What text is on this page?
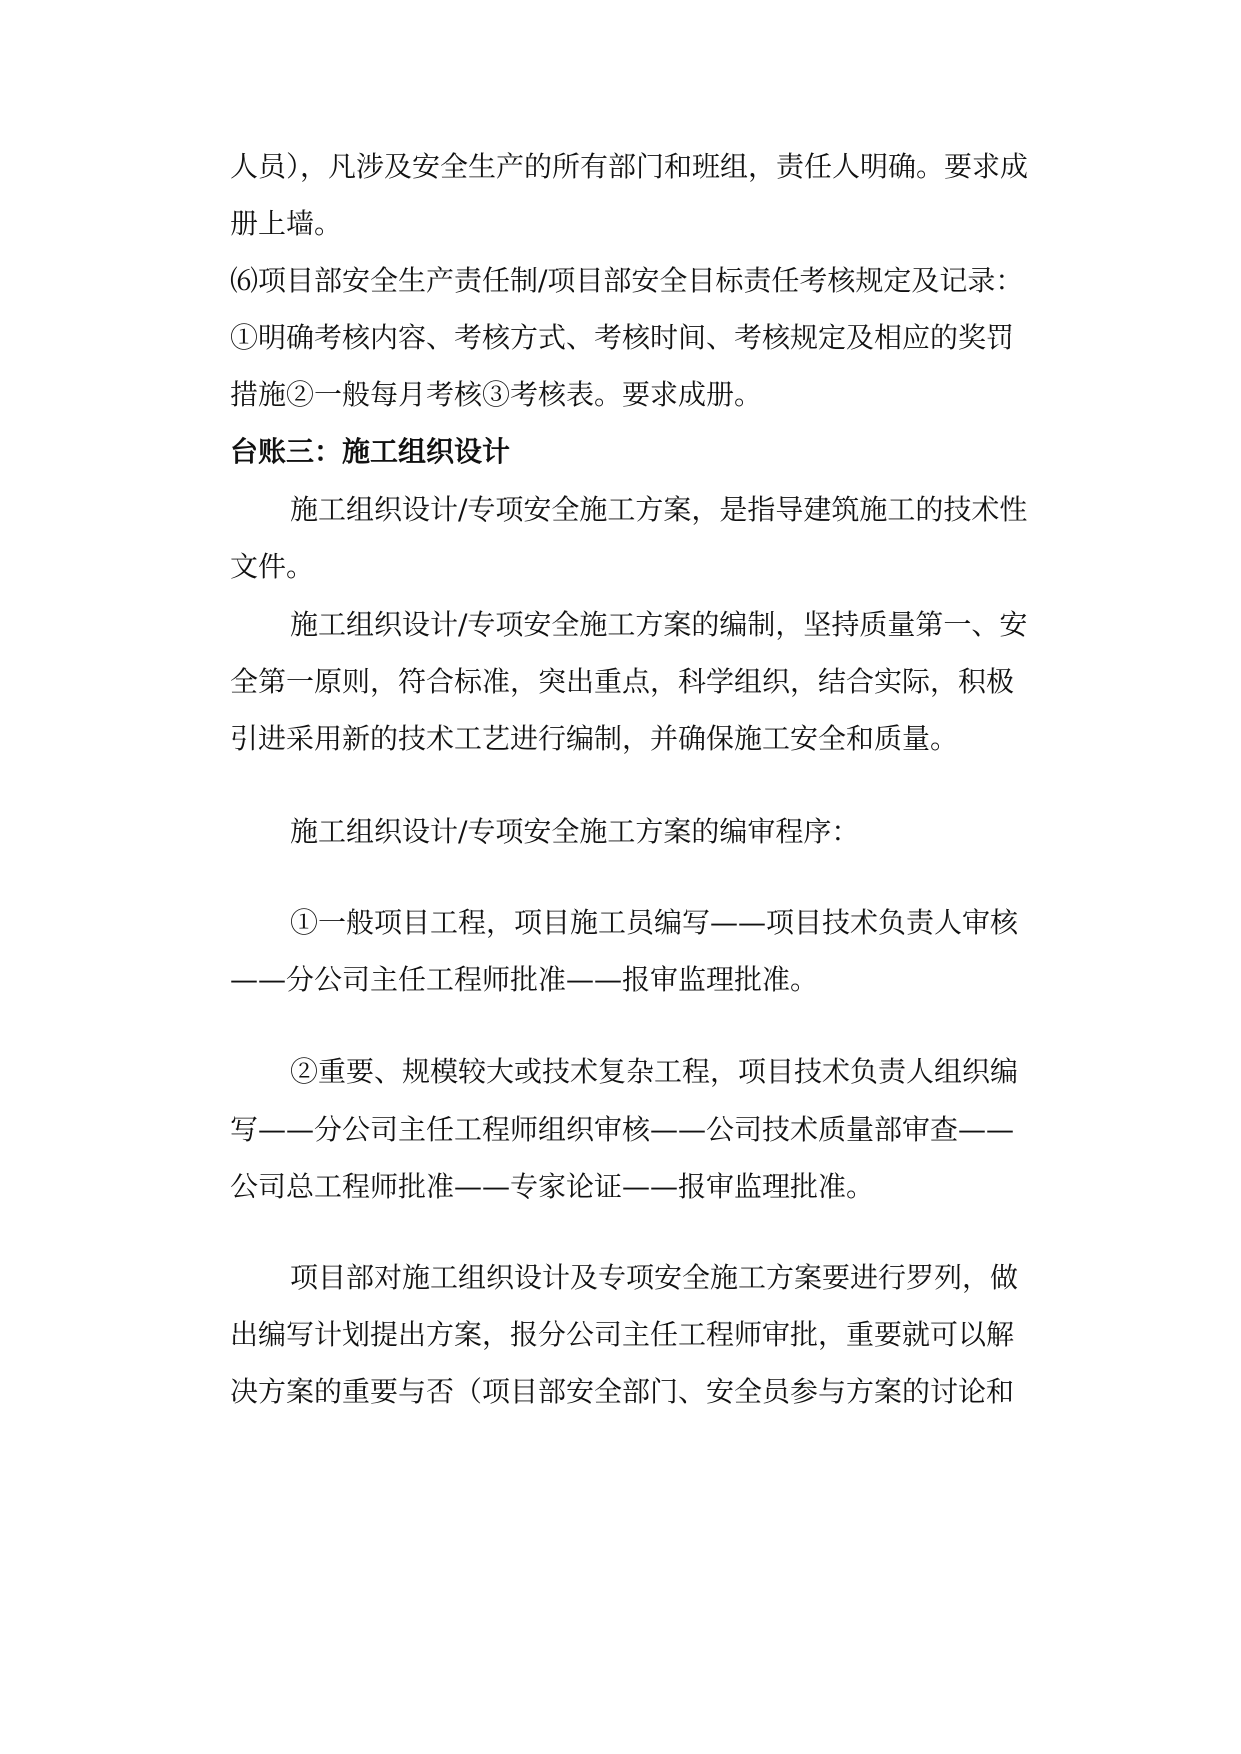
人员），凡涉及安全生产的所有部门和班组，责任人明确。要求成
册上墙。
⑹项目部安全生产责任制/项目部安全目标责任考核规定及记录：
①明确考核内容、考核方式、考核时间、考核规定及相应的奖罚
措施②一般每月考核③考核表。要求成册。
台账三：施工组织设计
施工组织设计/专项安全施工方案，是指导建筑施工的技术性
文件。
施工组织设计/专项安全施工方案的编制，坚持质量第一、安
全第一原则，符合标准，突出重点，科学组织，结合实际，积极
引进采用新的技术工艺进行编制，并确保施工安全和质量。
施工组织设计/专项安全施工方案的编审程序：
①一般项目工程，项目施工员编写——项目技术负责人审核
——分公司主任工程师批准——报审监理批准。
②重要、规模较大或技术复杂工程，项目技术负责人组织编
写——分公司主任工程师组织审核——公司技术质量部审查——
公司总工程师批准——专家论证——报审监理批准。
项目部对施工组织设计及专项安全施工方案要进行罗列，做
出编写计划提出方案，报分公司主任工程师审批，重要就可以解
决方案的重要与否（项目部安全部门、安全员参与方案的讨论和
